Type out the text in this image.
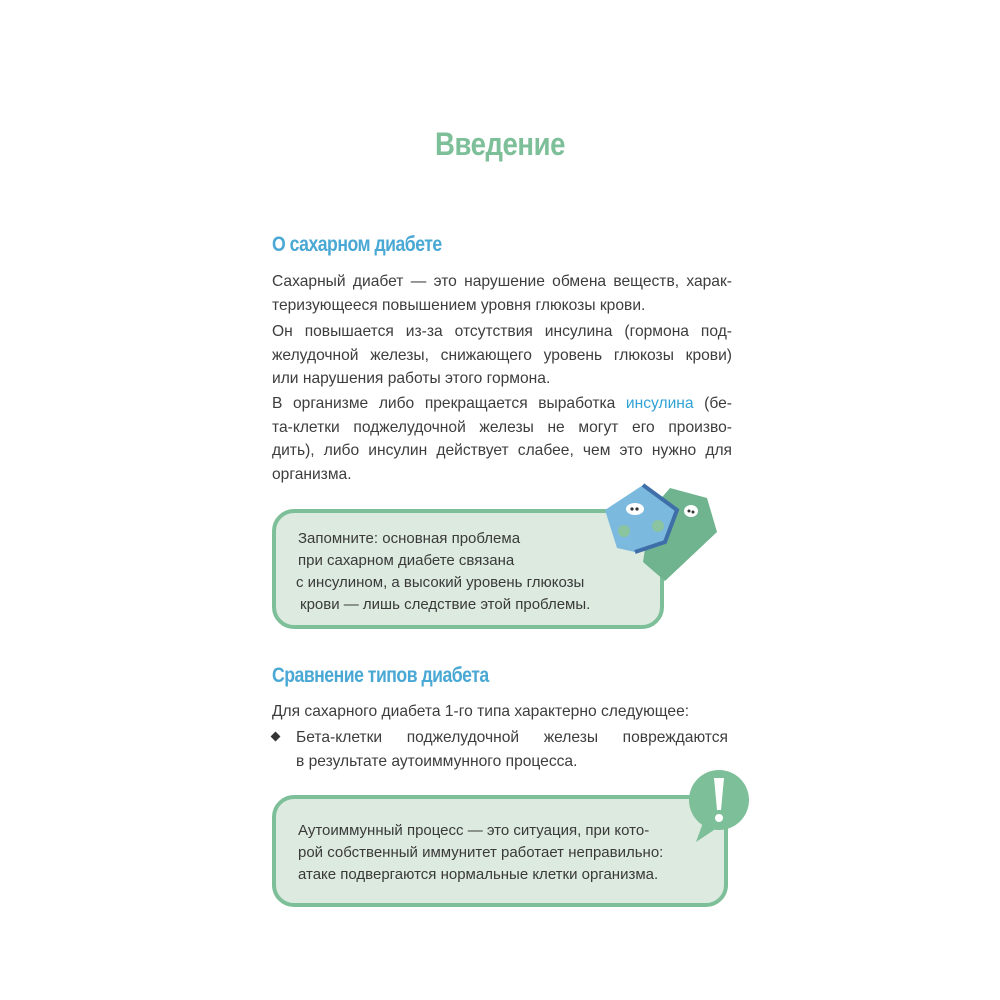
Введение
О сахарном диабете
Сахарный диабет — это нарушение обмена веществ, харак-
теризующееся повышением уровня глюкозы крови.
Он повышается из-за отсутствия инсулина (гормона под-
желудочной железы, снижающего уровень глюкозы крови)
или нарушения работы этого гормона.
В организме либо прекращается выработка инсулина (бе-
та-клетки поджелудочной железы не могут его произво-
дить), либо инсулин действует слабее, чем это нужно для
организма.
Запомните: основная проблема
при сахарном диабете связана
с инсулином, а высокий уровень глюкозы
крови — лишь следствие этой проблемы.
Сравнение типов диабета
Для сахарного диабета 1-го типа характерно следующее:
Бета-клетки поджелудочной железы повреждаются
в результате аутоиммунного процесса.
Аутоиммунный процесс — это ситуация, при кото-
рой собственный иммунитет работает неправильно:
атаке подвергаются нормальные клетки организма.
